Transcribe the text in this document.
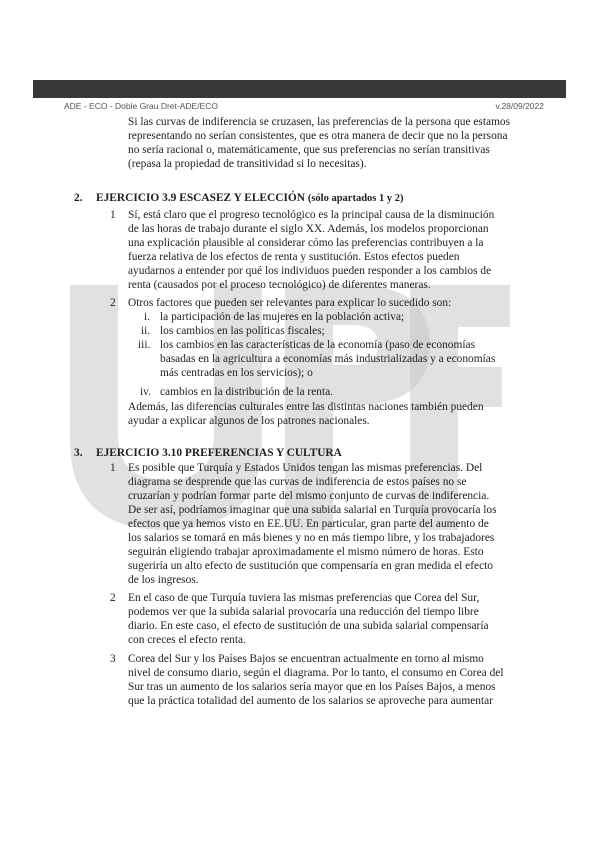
ADE - ECO - Doble Grau Dret-ADE/ECO	v.28/09/2022
Si las curvas de indiferencia se cruzasen, las preferencias de la persona que estamos
representando no serían consistentes, que es otra manera de decir que no la persona
no sería racional o, matemáticamente, que sus preferencias no serían transitivas
(repasa la propiedad de transitividad si lo necesitas).
2. EJERCICIO 3.9 ESCASEZ Y ELECCIÓN (sólo apartados 1 y 2)
1 Sí, está claro que el progreso tecnológico es la principal causa de la disminución
de las horas de trabajo durante el siglo XX. Además, los modelos proporcionan
una explicación plausible al considerar cómo las preferencias contribuyen a la
fuerza relativa de los efectos de renta y sustitución. Estos efectos pueden
ayudarnos a entender por qué los individuos pueden responder a los cambios de
renta (causados por el proceso tecnológico) de diferentes maneras.
2 Otros factores que pueden ser relevantes para explicar lo sucedido son:
i. la participación de las mujeres en la población activa;
ii. los cambios en las políticas fiscales;
iii. los cambios en las características de la economía (paso de economías
basadas en la agricultura a economías más industrializadas y a economías
más centradas en los servicios); o
iv. cambios en la distribución de la renta.
Además, las diferencias culturales entre las distintas naciones también pueden
ayudar a explicar algunos de los patrones nacionales.
3. EJERCICIO 3.10 PREFERENCIAS Y CULTURA
1 Es posible que Turquía y Estados Unidos tengan las mismas preferencias. Del
diagrama se desprende que las curvas de indiferencia de estos países no se
cruzarían y podrían formar parte del mismo conjunto de curvas de indiferencia.
De ser así, podríamos imaginar que una subida salarial en Turquía provocaría los
efectos que ya hemos visto en EE.UU. En particular, gran parte del aumento de
los salarios se tomará en más bienes y no en más tiempo libre, y los trabajadores
seguirán eligiendo trabajar aproximadamente el mismo número de horas. Esto
sugeriría un alto efecto de sustitución que compensaría en gran medida el efecto
de los ingresos.
2 En el caso de que Turquía tuviera las mismas preferencias que Corea del Sur,
podemos ver que la subida salarial provocaría una reducción del tiempo libre
diario. En este caso, el efecto de sustitución de una subida salarial compensaría
con creces el efecto renta.
3 Corea del Sur y los Países Bajos se encuentran actualmente en torno al mismo
nivel de consumo diario, según el diagrama. Por lo tanto, el consumo en Corea del
Sur tras un aumento de los salarios sería mayor que en los Países Bajos, a menos
que la práctica totalidad del aumento de los salarios se aproveche para aumentar
